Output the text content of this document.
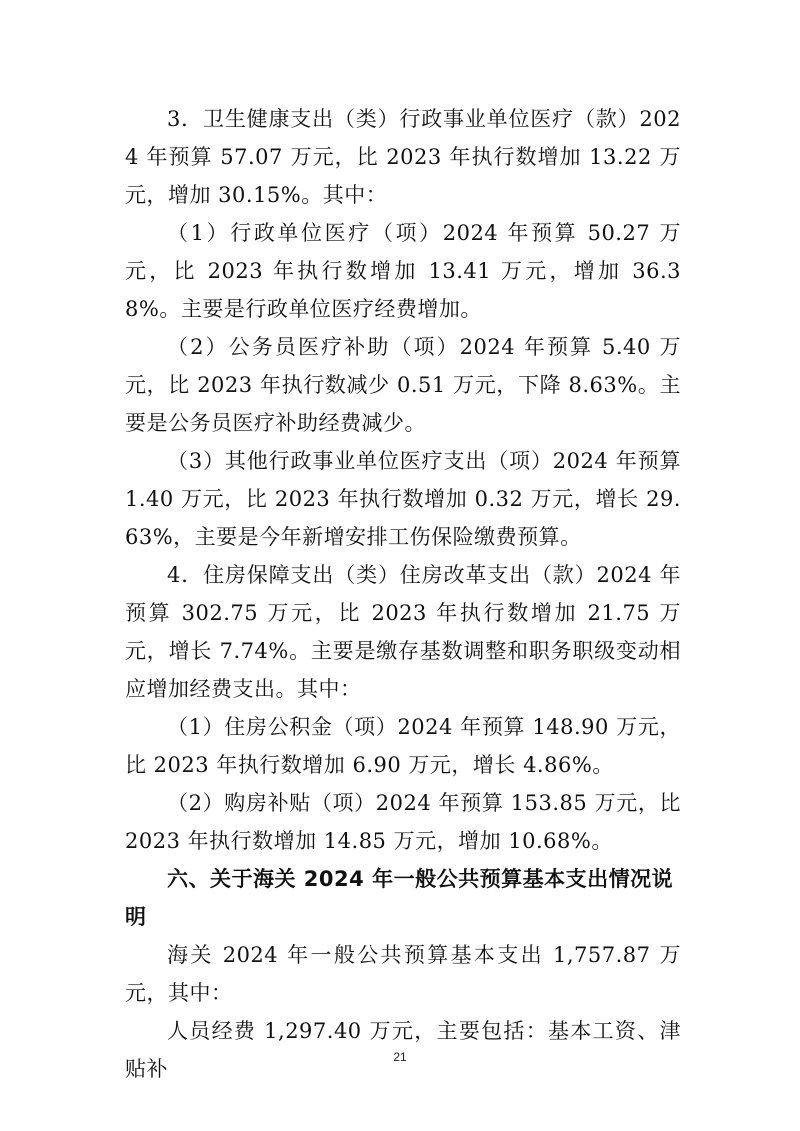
3．卫生健康支出（类）行政事业单位医疗（款）2024 年预算 57.07 万元，比 2023 年执行数增加 13.22 万元，增加 30.15%。其中：

（1）行政单位医疗（项）2024 年预算 50.27 万元，比 2023 年执行数增加 13.41 万元，增加 36.38%。主要是行政单位医疗经费增加。

（2）公务员医疗补助（项）2024 年预算 5.40 万元，比 2023 年执行数减少 0.51 万元，下降 8.63%。主要是公务员医疗补助经费减少。

（3）其他行政事业单位医疗支出（项）2024 年预算 1.40 万元，比 2023 年执行数增加 0.32 万元，增长 29.63%，主要是今年新增安排工伤保险缴费预算。

4．住房保障支出（类）住房改革支出（款）2024 年预算 302.75 万元，比 2023 年执行数增加 21.75 万元，增长 7.74%。主要是缴存基数调整和职务职级变动相应增加经费支出。其中：

（1）住房公积金（项）2024 年预算 148.90 万元，比 2023 年执行数增加 6.90 万元，增长 4.86%。

（2）购房补贴（项）2024 年预算 153.85 万元，比 2023 年执行数增加 14.85 万元，增加 10.68%。

六、关于海关 2024 年一般公共预算基本支出情况说明

海关 2024 年一般公共预算基本支出 1,757.87 万元，其中：

人员经费 1,297.40 万元，主要包括：基本工资、津贴补	21
